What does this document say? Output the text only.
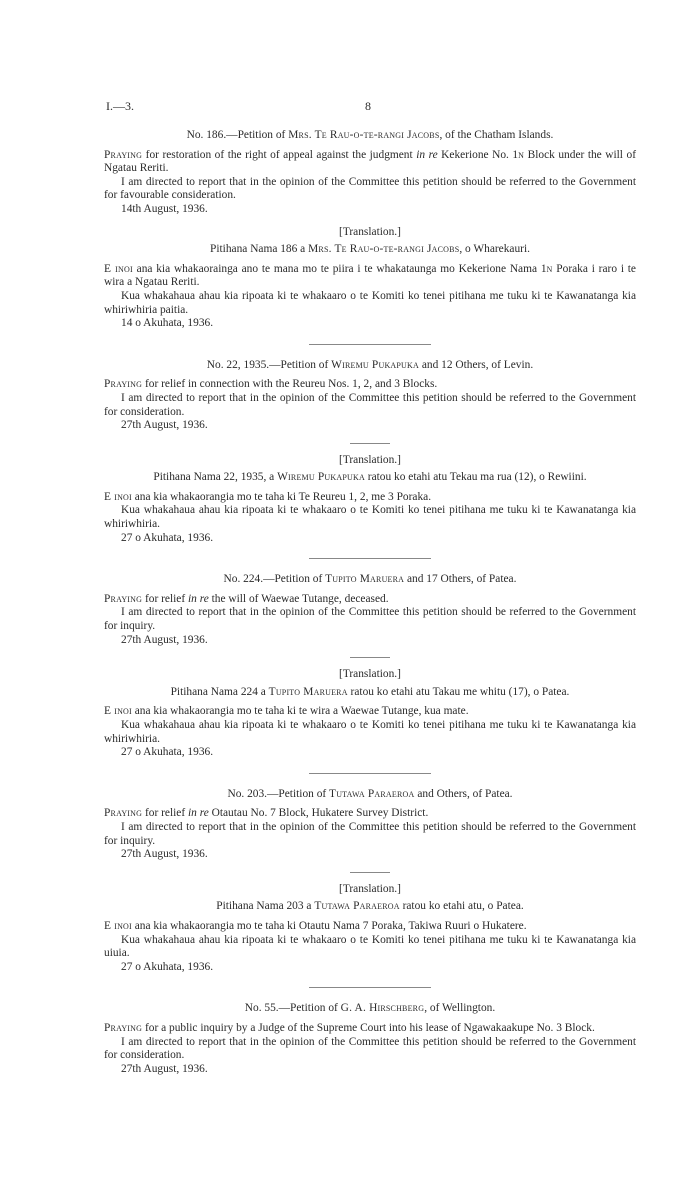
I.—3.	8

No. 186.—Petition of Mrs. Te Rau-o-te-rangi Jacobs, of the Chatham Islands.

Praying for restoration of the right of appeal against the judgment in re Kekerione No. 1n Block under the will of Ngatau Reriti.

I am directed to report that in the opinion of the Committee this petition should be referred to the Government for favourable consideration.

14th August, 1936.

[Translation.]

Pitihana Nama 186 a Mrs. Te Rau-o-te-rangi Jacobs, o Wharekauri.

E inoi ana kia whakaorainga ano te mana mo te piira i te whakataunga mo Kekerione Nama 1n Poraka i raro i te wira a Ngatau Reriti.

Kua whakahaua ahau kia ripoata ki te whakaaro o te Komiti ko tenei pitihana me tuku ki te Kawanatanga kia whiriwhiria paitia.

14 o Akuhata, 1936.

No. 22, 1935.—Petition of Wiremu Pukapuka and 12 Others, of Levin.

Praying for relief in connection with the Reureu Nos. 1, 2, and 3 Blocks.

I am directed to report that in the opinion of the Committee this petition should be referred to the Government for consideration.

27th August, 1936.

[Translation.]

Pitihana Nama 22, 1935, a Wiremu Pukapuka ratou ko etahi atu Tekau ma rua (12), o Rewiini.

E inoi ana kia whakaorangia mo te taha ki Te Reureu 1, 2, me 3 Poraka.

Kua whakahaua ahau kia ripoata ki te whakaaro o te Komiti ko tenei pitihana me tuku ki te Kawanatanga kia whiriwhiria.

27 o Akuhata, 1936.

No. 224.—Petition of Tupito Maruera and 17 Others, of Patea.

Praying for relief in re the will of Waewae Tutange, deceased.

I am directed to report that in the opinion of the Committee this petition should be referred to the Government for inquiry.

27th August, 1936.

[Translation.]

Pitihana Nama 224 a Tupito Maruera ratou ko etahi atu Takau me whitu (17), o Patea.

E inoi ana kia whakaorangia mo te taha ki te wira a Waewae Tutange, kua mate.

Kua whakahaua ahau kia ripoata ki te whakaaro o te Komiti ko tenei pitihana me tuku ki te Kawanatanga kia whiriwhiria.

27 o Akuhata, 1936.

No. 203.—Petition of Tutawa Paraeroa and Others, of Patea.

Praying for relief in re Otautau No. 7 Block, Hukatere Survey District.

I am directed to report that in the opinion of the Committee this petition should be referred to the Government for inquiry.

27th August, 1936.

[Translation.]

Pitihana Nama 203 a Tutawa Paraeroa ratou ko etahi atu, o Patea.

E inoi ana kia whakaorangia mo te taha ki Otautu Nama 7 Poraka, Takiwa Ruuri o Hukatere.

Kua whakahaua ahau kia ripoata ki te whakaaro o te Komiti ko tenei pitihana me tuku ki te Kawanatanga kia uiuia.

27 o Akuhata, 1936.

No. 55.—Petition of G. A. Hirschberg, of Wellington.

Praying for a public inquiry by a Judge of the Supreme Court into his lease of Ngawakaakupe No. 3 Block.

I am directed to report that in the opinion of the Committee this petition should be referred to the Government for consideration.

27th August, 1936.
